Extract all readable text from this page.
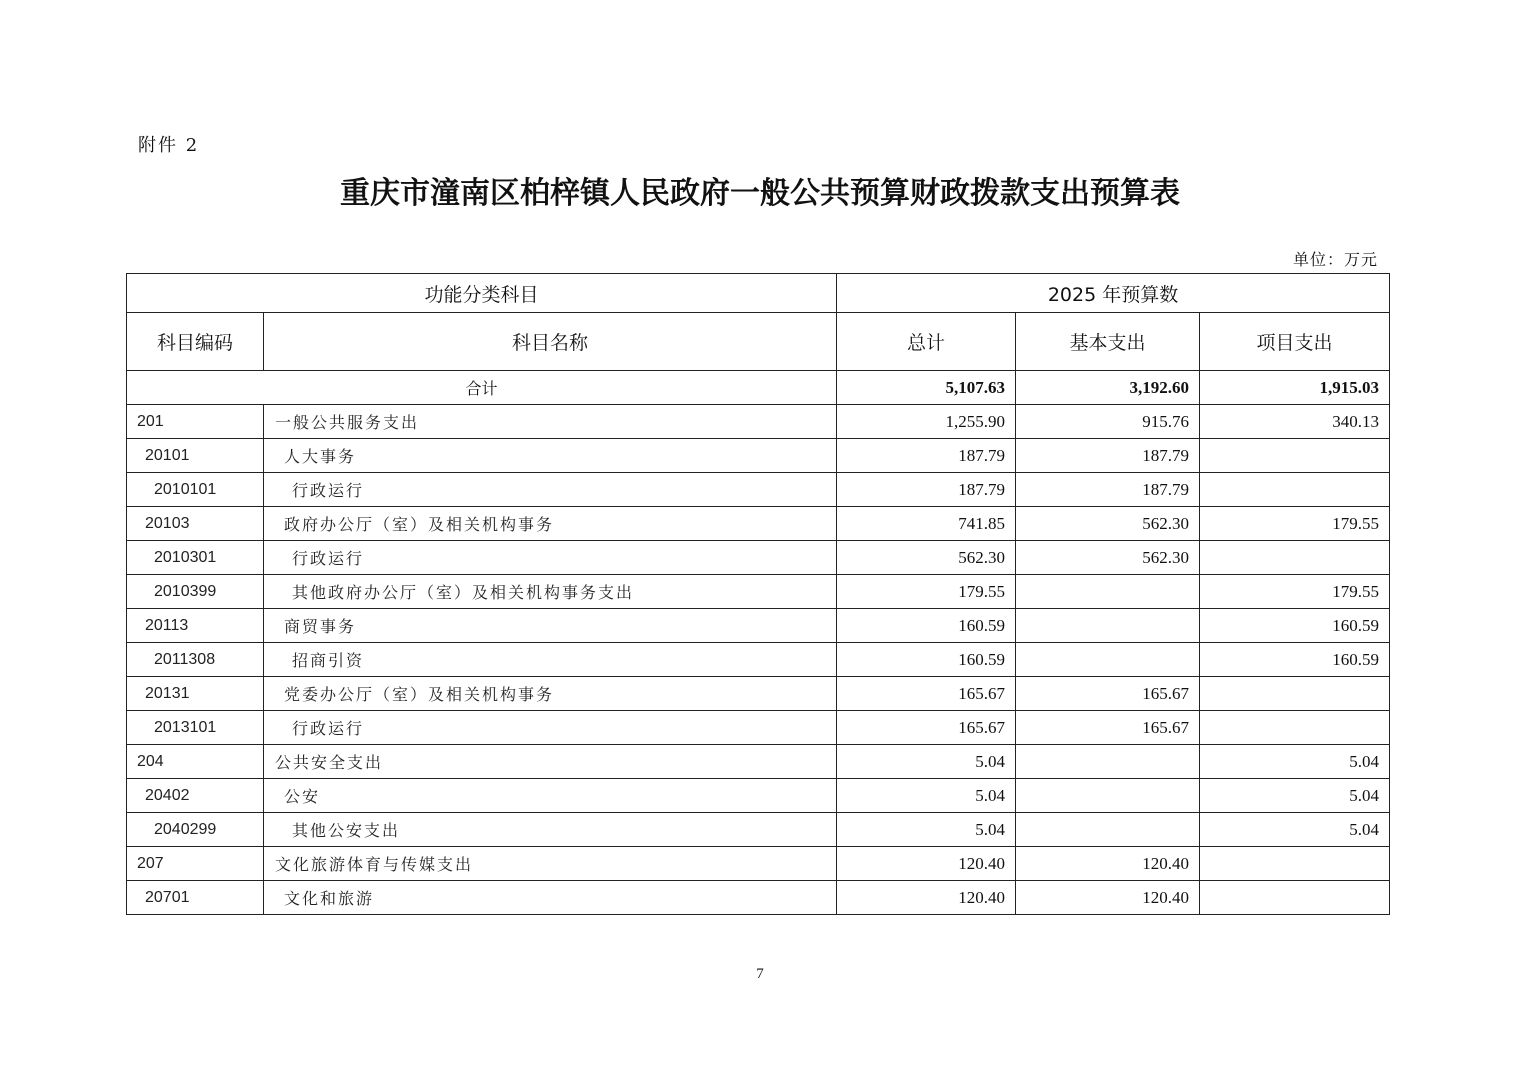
附件 2
重庆市潼南区柏梓镇人民政府一般公共预算财政拨款支出预算表
单位：万元
功能分类科目		2025 年预算数		
科目编码	科目名称	总计	基本支出	项目支出
合计		5,107.63	3,192.60	1,915.03
201	一般公共服务支出	1,255.90	915.76	340.13
20101	人大事务	187.79	187.79	
2010101	行政运行	187.79	187.79	
20103	政府办公厅（室）及相关机构事务	741.85	562.30	179.55
2010301	行政运行	562.30	562.30	
2010399	其他政府办公厅（室）及相关机构事务支出	179.55		179.55
20113	商贸事务	160.59		160.59
2011308	招商引资	160.59		160.59
20131	党委办公厅（室）及相关机构事务	165.67	165.67	
2013101	行政运行	165.67	165.67	
204	公共安全支出	5.04		5.04
20402	公安	5.04		5.04
2040299	其他公安支出	5.04		5.04
207	文化旅游体育与传媒支出	120.40	120.40	
20701	文化和旅游	120.40	120.40	
7
